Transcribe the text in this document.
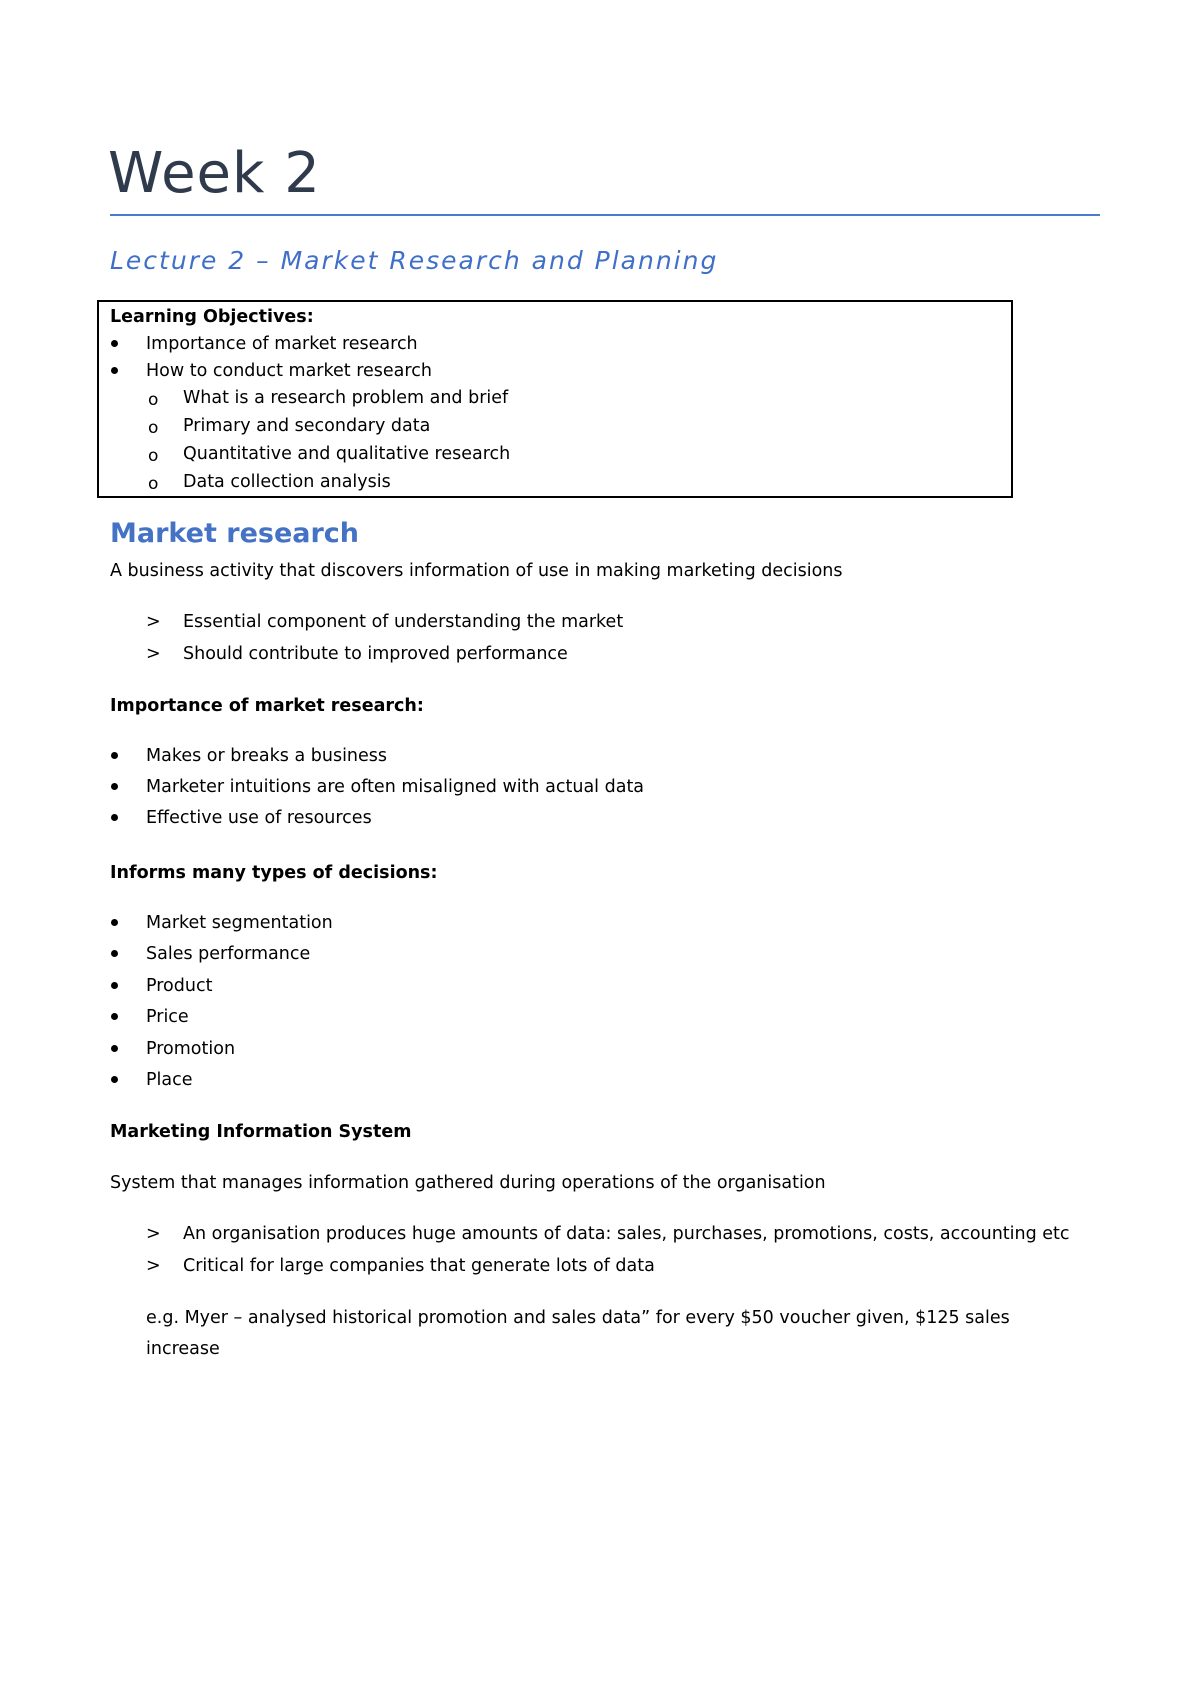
Week 2
Lecture 2 – Market Research and Planning
Learning Objectives:
Importance of market research
How to conduct market research
o What is a research problem and brief
o Primary and secondary data
o Quantitative and qualitative research
o Data collection analysis
Market research
A business activity that discovers information of use in making marketing decisions
> Essential component of understanding the market
> Should contribute to improved performance
Importance of market research:
Makes or breaks a business
Marketer intuitions are often misaligned with actual data
Effective use of resources
Informs many types of decisions:
Market segmentation
Sales performance
Product
Price
Promotion
Place
Marketing Information System
System that manages information gathered during operations of the organisation
> An organisation produces huge amounts of data: sales, purchases, promotions, costs, accounting etc
> Critical for large companies that generate lots of data
e.g. Myer – analysed historical promotion and sales data” for every $50 voucher given, $125 sales
increase
